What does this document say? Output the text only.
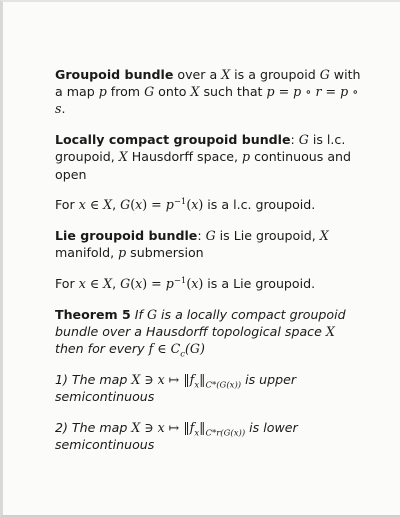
Groupoid bundle over a X is a groupoid G with a map p from G onto X such that p = p ∘ r = p ∘ s.
Locally compact groupoid bundle: G is l.c. groupoid, X Hausdorff space, p continuous and open
For x ∈ X, $G(x) = p^{-1}(x)$ is a l.c. groupoid.
Lie groupoid bundle: G is Lie groupoid, X manifold, p submersion
For x ∈ X, $G(x) = p^{-1}(x)$ is a Lie groupoid.
Theorem 5 If G is a locally compact groupoid bundle over a Hausdorff topological space X then for every f ∈ $C_c(G)$
1) The map X ∋ x ↦ $‖f_x‖_{C*(G(x))}$ is upper semicontinuous
2) The map X ∋ x ↦ $‖f_x‖_{C*r(G(x))}$ is lower semicontinuous
